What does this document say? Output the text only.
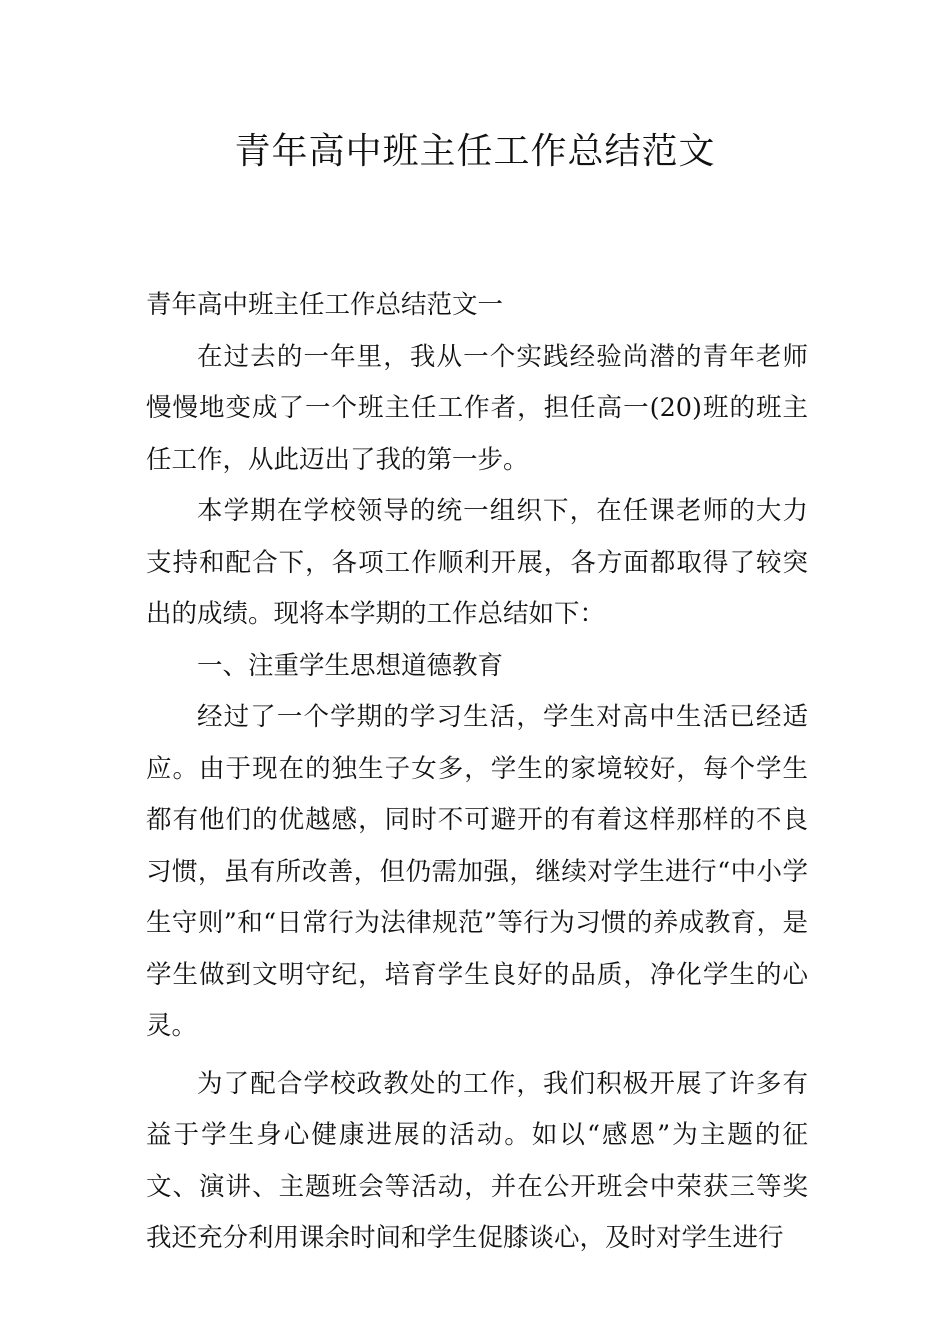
青年高中班主任工作总结范文

青年高中班主任工作总结范文一

在过去的一年里，我从一个实践经验尚潜的青年老师慢慢地变成了一个班主任工作者，担任高一(20)班的班主任工作，从此迈出了我的第一步。

本学期在学校领导的统一组织下，在任课老师的大力支持和配合下，各项工作顺利开展，各方面都取得了较突出的成绩。现将本学期的工作总结如下：

一、注重学生思想道德教育

经过了一个学期的学习生活，学生对高中生活已经适应。由于现在的独生子女多，学生的家境较好，每个学生都有他们的优越感，同时不可避开的有着这样那样的不良习惯，虽有所改善，但仍需加强，继续对学生进行“中小学生守则”和“日常行为法律规范”等行为习惯的养成教育，是学生做到文明守纪，培育学生良好的品质，净化学生的心灵。

为了配合学校政教处的工作，我们积极开展了许多有益于学生身心健康进展的活动。如以“感恩”为主题的征文、演讲、主题班会等活动，并在公开班会中荣获三等奖我还充分利用课余时间和学生促膝谈心，及时对学生进行
